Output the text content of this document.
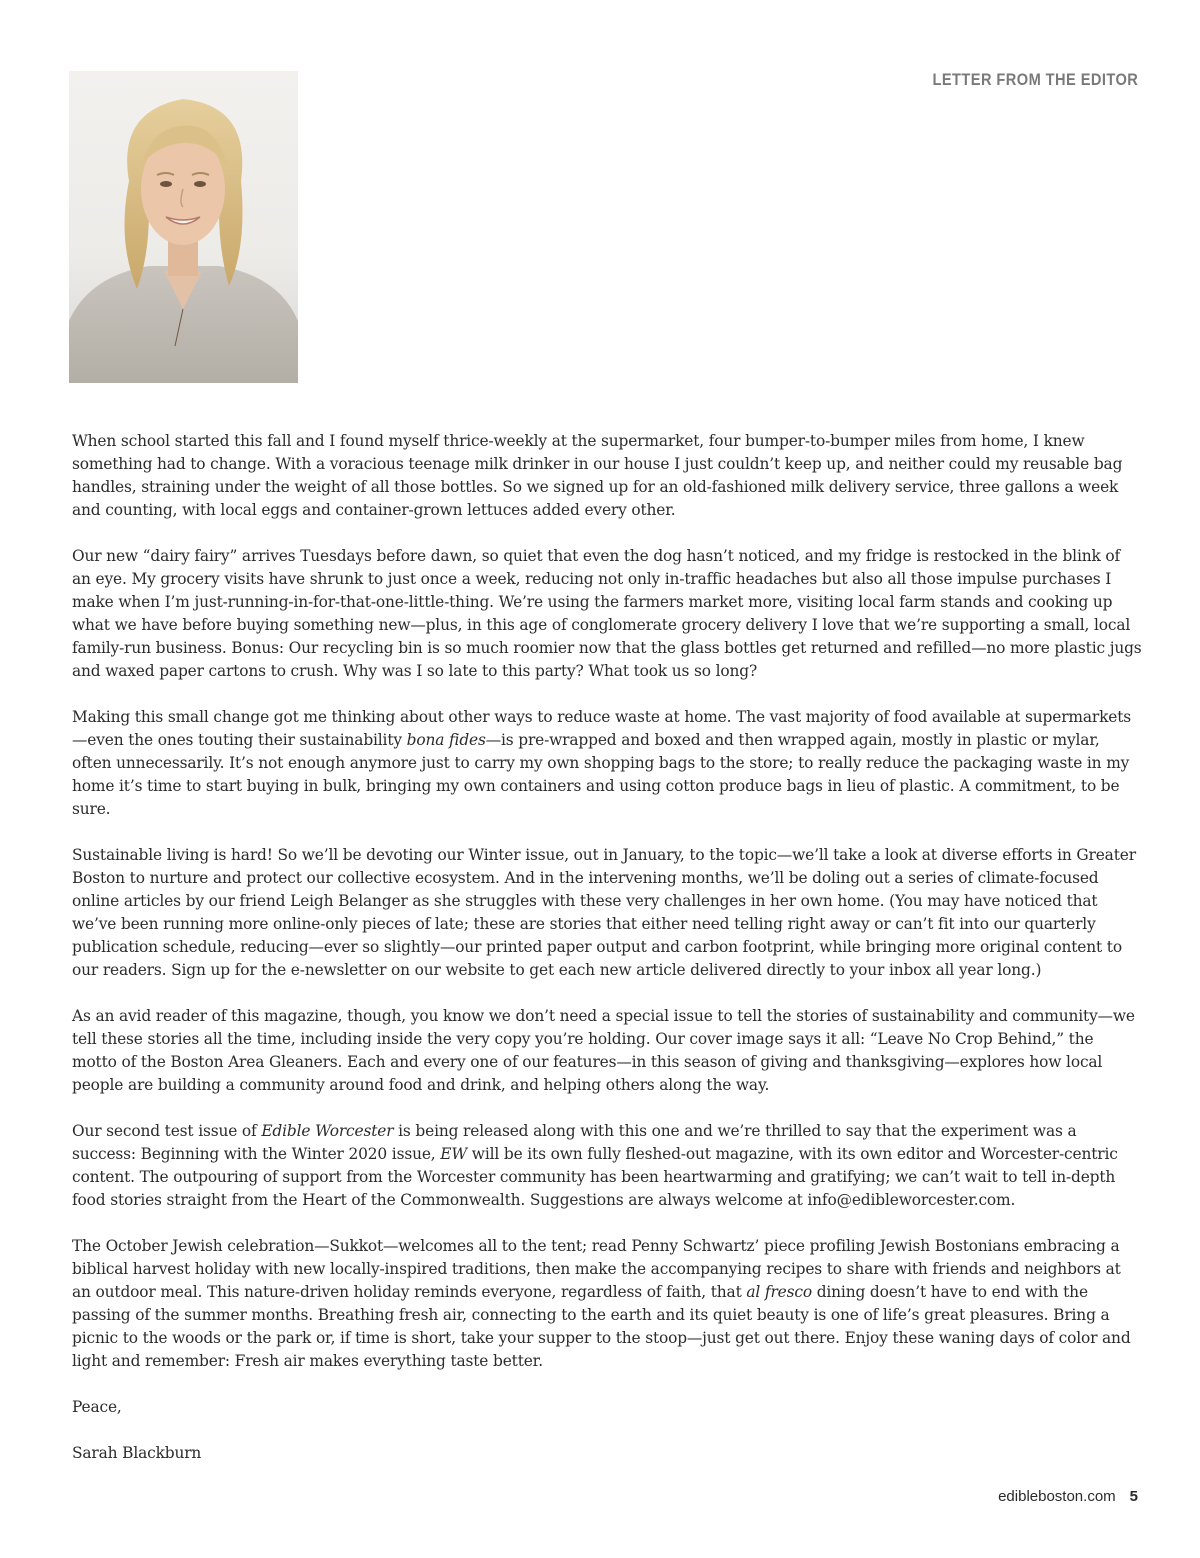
LETTER FROM THE EDITOR

When school started this fall and I found myself thrice-weekly at the supermarket, four bumper-to-bumper miles from home, I knew something had to change. With a voracious teenage milk drinker in our house I just couldn’t keep up, and neither could my reusable bag handles, straining under the weight of all those bottles. So we signed up for an old-fashioned milk delivery service, three gallons a week and counting, with local eggs and container-grown lettuces added every other.

Our new “dairy fairy” arrives Tuesdays before dawn, so quiet that even the dog hasn’t noticed, and my fridge is restocked in the blink of an eye. My grocery visits have shrunk to just once a week, reducing not only in-traffic headaches but also all those impulse purchases I make when I’m just-running-in-for-that-one-little-thing. We’re using the farmers market more, visiting local farm stands and cooking up what we have before buying something new—plus, in this age of conglomerate grocery delivery I love that we’re supporting a small, local family-run business. Bonus: Our recycling bin is so much roomier now that the glass bottles get returned and refilled—no more plastic jugs and waxed paper cartons to crush. Why was I so late to this party? What took us so long?

Making this small change got me thinking about other ways to reduce waste at home. The vast majority of food available at supermarkets—even the ones touting their sustainability bona fides—is pre-wrapped and boxed and then wrapped again, mostly in plastic or mylar, often unnecessarily. It’s not enough anymore just to carry my own shopping bags to the store; to really reduce the packaging waste in my home it’s time to start buying in bulk, bringing my own containers and using cotton produce bags in lieu of plastic. A commitment, to be sure.

Sustainable living is hard! So we’ll be devoting our Winter issue, out in January, to the topic—we’ll take a look at diverse efforts in Greater Boston to nurture and protect our collective ecosystem. And in the intervening months, we’ll be doling out a series of climate-focused online articles by our friend Leigh Belanger as she struggles with these very challenges in her own home. (You may have noticed that we’ve been running more online-only pieces of late; these are stories that either need telling right away or can’t fit into our quarterly publication schedule, reducing—ever so slightly—our printed paper output and carbon footprint, while bringing more original content to our readers. Sign up for the e-newsletter on our website to get each new article delivered directly to your inbox all year long.)

As an avid reader of this magazine, though, you know we don’t need a special issue to tell the stories of sustainability and community—we tell these stories all the time, including inside the very copy you’re holding. Our cover image says it all: “Leave No Crop Behind,” the motto of the Boston Area Gleaners. Each and every one of our features—in this season of giving and thanksgiving—explores how local people are building a community around food and drink, and helping others along the way.

Our second test issue of Edible Worcester is being released along with this one and we’re thrilled to say that the experiment was a success: Beginning with the Winter 2020 issue, EW will be its own fully fleshed-out magazine, with its own editor and Worcester-centric content. The outpouring of support from the Worcester community has been heartwarming and gratifying; we can’t wait to tell in-depth food stories straight from the Heart of the Commonwealth. Suggestions are always welcome at info@edibleworcester.com.

The October Jewish celebration—Sukkot—welcomes all to the tent; read Penny Schwartz’ piece profiling Jewish Bostonians embracing a biblical harvest holiday with new locally-inspired traditions, then make the accompanying recipes to share with friends and neighbors at an outdoor meal. This nature-driven holiday reminds everyone, regardless of faith, that al fresco dining doesn’t have to end with the passing of the summer months. Breathing fresh air, connecting to the earth and its quiet beauty is one of life’s great pleasures. Bring a picnic to the woods or the park or, if time is short, take your supper to the stoop—just get out there. Enjoy these waning days of color and light and remember: Fresh air makes everything taste better.

Peace,

Sarah Blackburn

edibleboston.com 5
